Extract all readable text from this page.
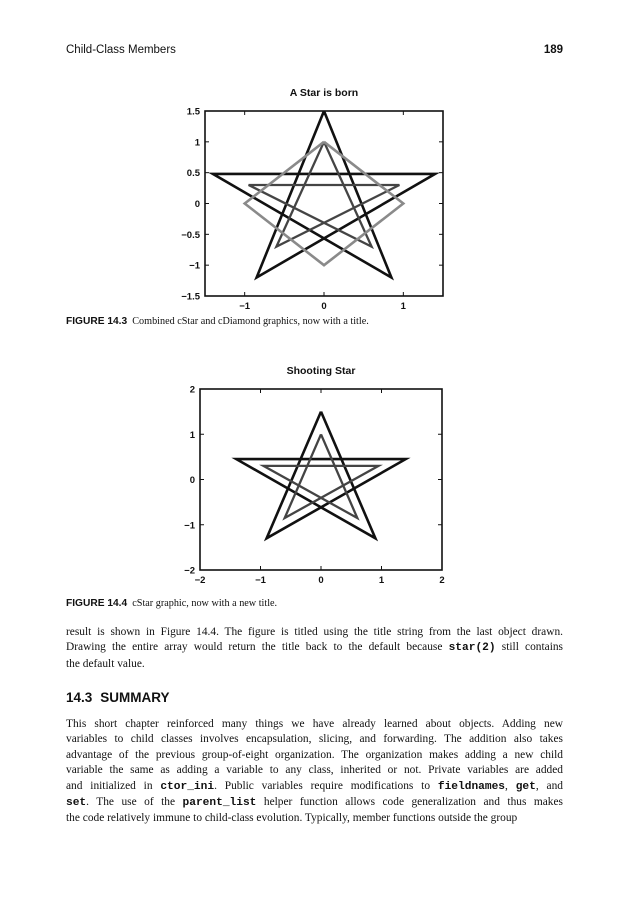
Child-Class Members	189
A Star is born
−1	0	1
1.5
1
0.5
0
−0.5
−1
−1.5
FIGURE 14.3 Combined cStar and cDiamond graphics, now with a title.
Shooting Star
−2	−1	0	1	2
2
1
0
−1
−2
FIGURE 14.4 cStar graphic, now with a new title.
result is shown in Figure 14.4. The figure is titled using the title string from the last object drawn.
Drawing the entire array would return the title back to the default because star(2) still contains
the default value.
14.3 SUMMARY
This short chapter reinforced many things we have already learned about objects. Adding new
variables to child classes involves encapsulation, slicing, and forwarding. The addition also takes
advantage of the previous group-of-eight organization. The organization makes adding a new child
variable the same as adding a variable to any class, inherited or not. Private variables are added
and initialized in ctor_ini. Public variables require modifications to fieldnames, get, and
set. The use of the parent_list helper function allows code generalization and thus makes
the code relatively immune to child-class evolution. Typically, member functions outside the group
